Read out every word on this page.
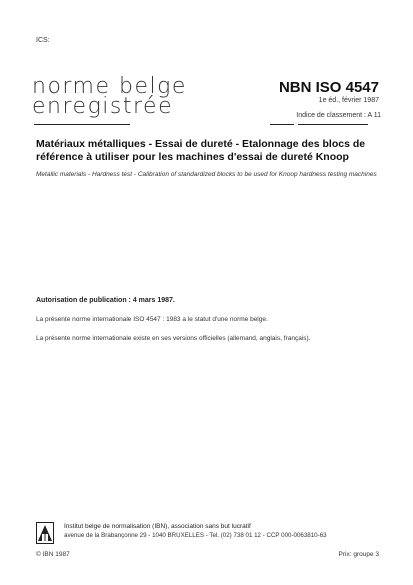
ICS:
norme belge
enregistrée
NBN ISO 4547
1e éd., février 1987
Indice de classement : A 11
Matériaux métalliques - Essai de dureté - Etalonnage des blocs de référence à utiliser pour les machines d'essai de dureté Knoop
Metallic materials - Hardness test - Calibration of standardized blocks to be used for Knoop hardness testing machines
Autorisation de publication : 4 mars 1987.
La présente norme internationale ISO 4547 : 1983 a le statut d'une norme belge.
La présente norme internationale existe en ses versions officielles (allemand, anglais, français).
Institut belge de normalisation (IBN), association sans but lucratif
avenue de la Brabançonne 29 - 1040 BRUXELLES - Tel. (02) 738 01 12 - CCP 000-0063810-63
© IBN 1987	Prix: groupe 3
